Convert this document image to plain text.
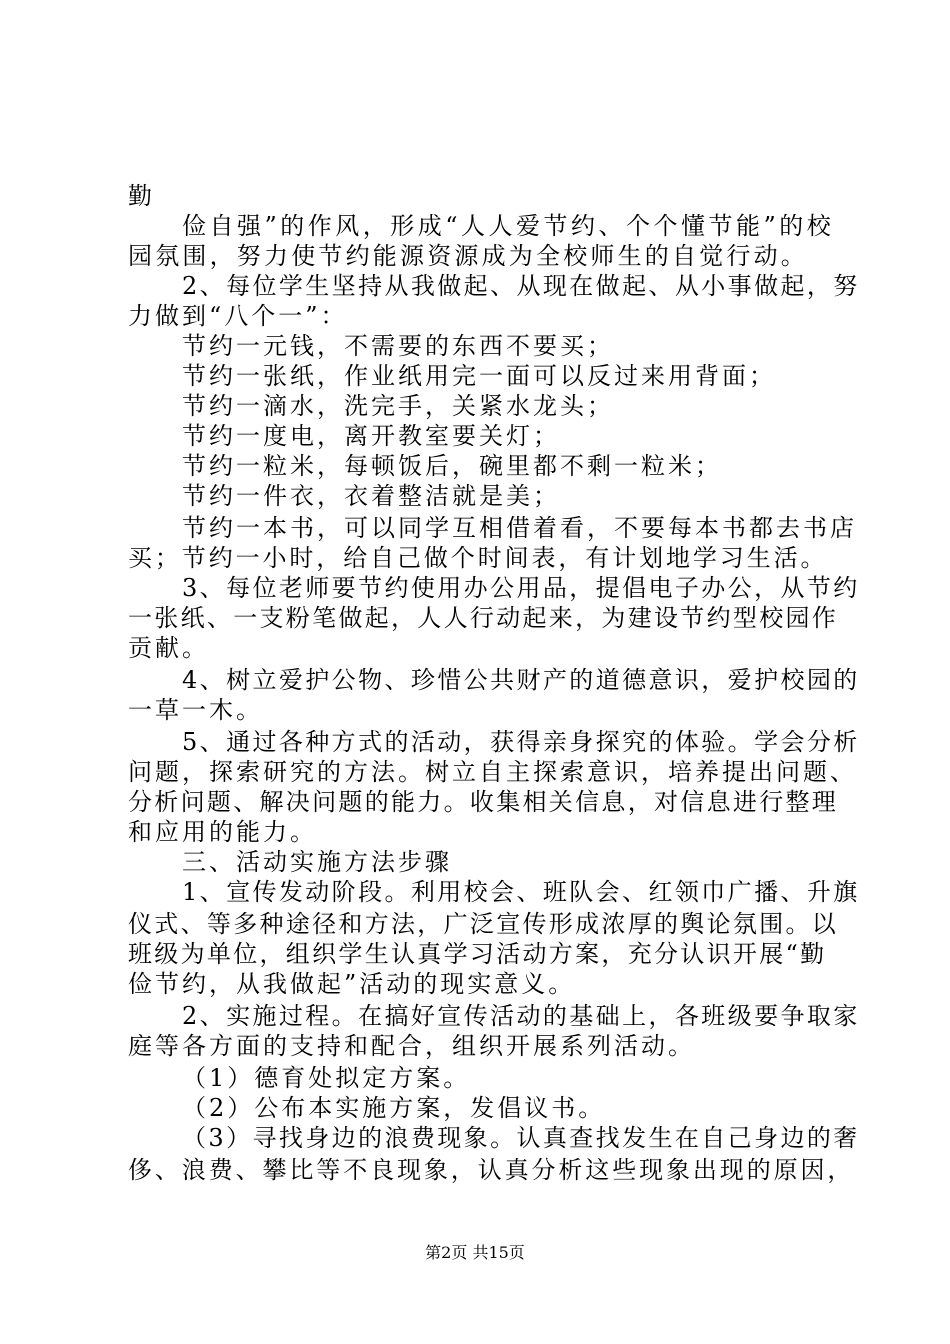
勤
俭自强”的作风，形成“人人爱节约、个个懂节能”的校
园氛围，努力使节约能源资源成为全校师生的自觉行动。
2、每位学生坚持从我做起、从现在做起、从小事做起，努
力做到“八个一”：
节约一元钱，不需要的东西不要买；
节约一张纸，作业纸用完一面可以反过来用背面；
节约一滴水，洗完手，关紧水龙头；
节约一度电，离开教室要关灯；
节约一粒米，每顿饭后，碗里都不剩一粒米；
节约一件衣，衣着整洁就是美；
节约一本书，可以同学互相借着看，不要每本书都去书店
买；节约一小时，给自己做个时间表，有计划地学习生活。
3、每位老师要节约使用办公用品，提倡电子办公，从节约
一张纸、一支粉笔做起，人人行动起来，为建设节约型校园作
贡献。
4、树立爱护公物、珍惜公共财产的道德意识，爱护校园的
一草一木。
5、通过各种方式的活动，获得亲身探究的体验。学会分析
问题，探索研究的方法。树立自主探索意识，培养提出问题、
分析问题、解决问题的能力。收集相关信息，对信息进行整理
和应用的能力。
三、活动实施方法步骤
1、宣传发动阶段。利用校会、班队会、红领巾广播、升旗
仪式、等多种途径和方法，广泛宣传形成浓厚的舆论氛围。以
班级为单位，组织学生认真学习活动方案，充分认识开展“勤
俭节约，从我做起”活动的现实意义。
2、实施过程。在搞好宣传活动的基础上，各班级要争取家
庭等各方面的支持和配合，组织开展系列活动。
（1）德育处拟定方案。
（2）公布本实施方案，发倡议书。
（3）寻找身边的浪费现象。认真查找发生在自己身边的奢
侈、浪费、攀比等不良现象，认真分析这些现象出现的原因，
第2页 共15页
